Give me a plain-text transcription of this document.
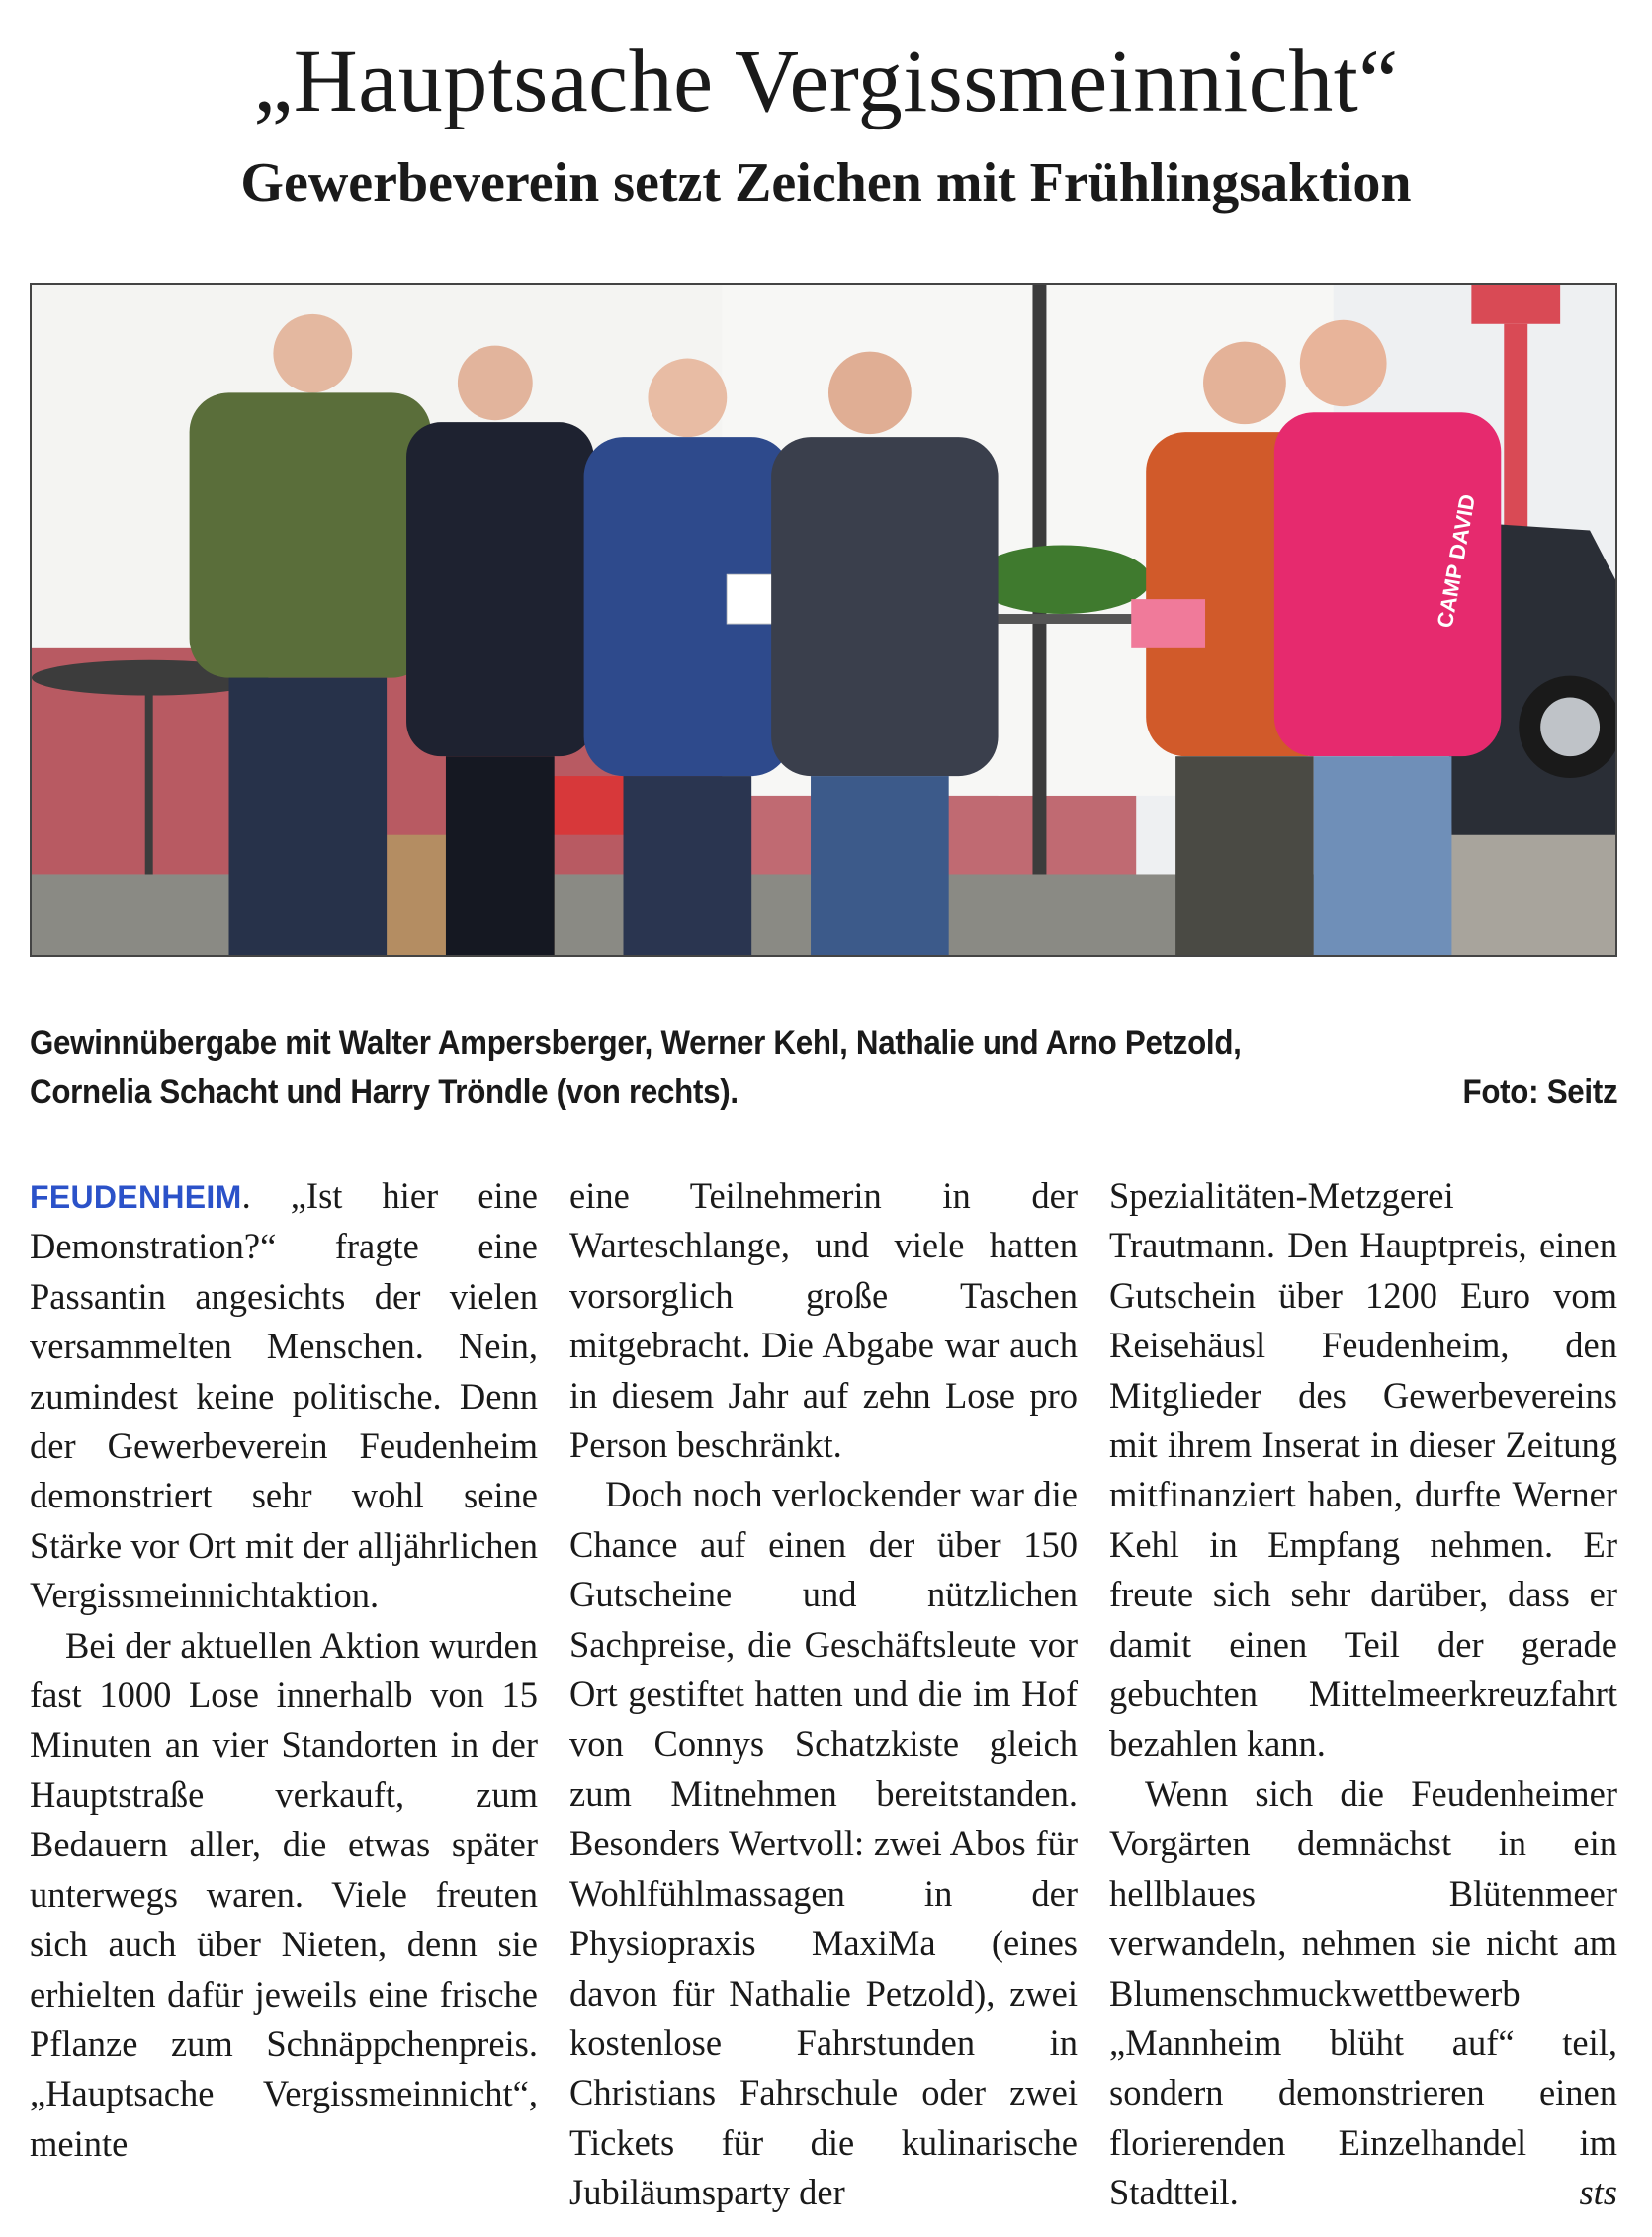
„Hauptsache Vergissmeinnicht“
Gewerbeverein setzt Zeichen mit Frühlingsaktion
CAMP DAVID
Gewinnübergabe mit Walter Ampersberger, Werner Kehl, Nathalie und Arno Petzold,
Cornelia Schacht und Harry Tröndle (von rechts).	Foto: Seitz

FEUDENHEIM. „Ist hier eine Demonstration?“ fragte eine Passantin angesichts der vielen versammelten Menschen. Nein, zumindest keine politische. Denn der Gewerbeverein Feudenheim demonstriert sehr wohl seine Stärke vor Ort mit der alljährlichen Vergissmeinnichtaktion.

Bei der aktuellen Aktion wurden fast 1000 Lose innerhalb von 15 Minuten an vier Standorten in der Hauptstraße verkauft, zum Bedauern aller, die etwas später unterwegs waren. Viele freuten sich auch über Nieten, denn sie erhielten dafür jeweils eine frische Pflanze zum Schnäppchenpreis. „Hauptsache Vergissmeinnicht“, meinte

eine Teilnehmerin in der Warteschlange, und viele hatten vorsorglich große Taschen mitgebracht. Die Abgabe war auch in diesem Jahr auf zehn Lose pro Person beschränkt.

Doch noch verlockender war die Chance auf einen der über 150 Gutscheine und nützlichen Sachpreise, die Geschäftsleute vor Ort gestiftet hatten und die im Hof von Connys Schatzkiste gleich zum Mitnehmen bereitstanden. Besonders Wertvoll: zwei Abos für Wohlfühlmassagen in der Physiopraxis MaxiMa (eines davon für Nathalie Petzold), zwei kostenlose Fahrstunden in Christians Fahrschule oder zwei Tickets für die kulinarische Jubiläumsparty der

Spezialitäten-Metzgerei Trautmann. Den Hauptpreis, einen Gutschein über 1200 Euro vom Reisehäusl Feudenheim, den Mitglieder des Gewerbevereins mit ihrem Inserat in dieser Zeitung mitfinanziert haben, durfte Werner Kehl in Empfang nehmen. Er freute sich sehr darüber, dass er damit einen Teil der gerade gebuchten Mittelmeerkreuzfahrt bezahlen kann.

Wenn sich die Feudenheimer Vorgärten demnächst in ein hellblaues Blütenmeer verwandeln, nehmen sie nicht am Blumenschmuckwettbewerb „Mannheim blüht auf“ teil, sondern demonstrieren einen florierenden Einzelhandel im Stadtteil.	sts
